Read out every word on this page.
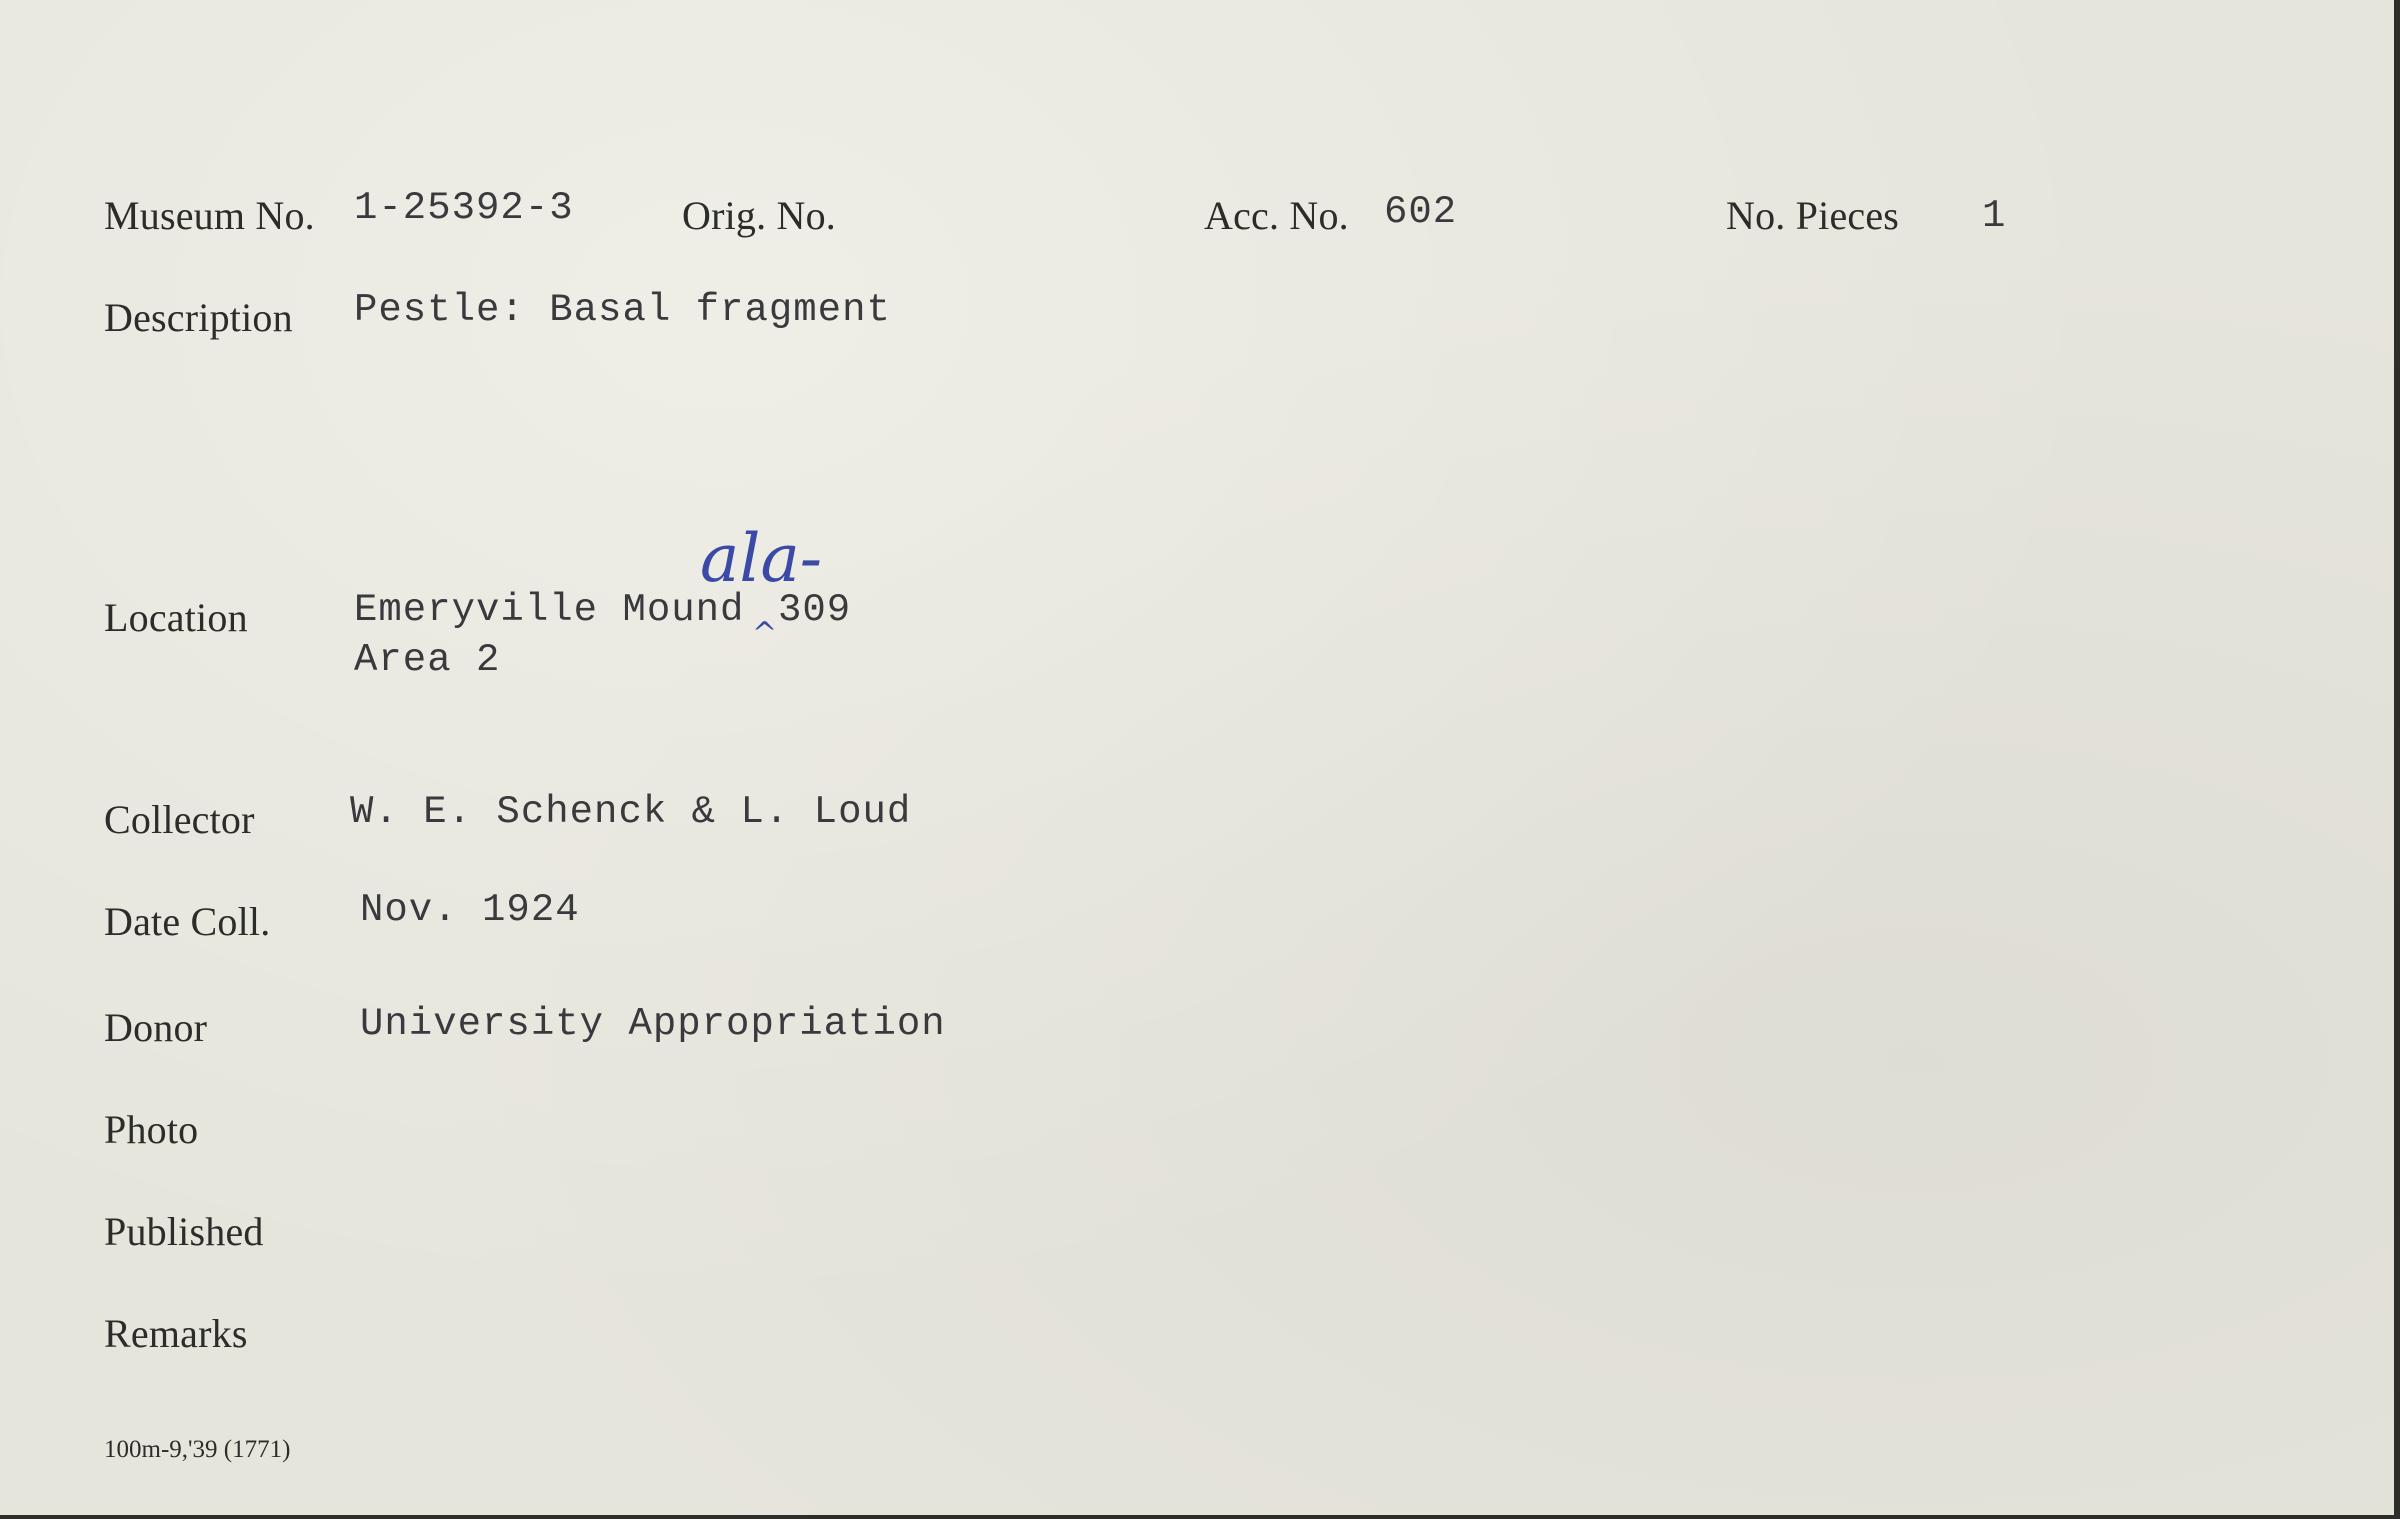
Museum No. 1-25392-3	Orig. No.	Acc. No. 602	No. Pieces 1
Description Pestle: Basal fragment
Location	Emeryville Mound 309
Area 2
ala-
^
Collector W. E. Schenck & L. Loud
Date Coll. Nov. 1924
Donor	University Appropriation
Photo
Published
Remarks
100m-9,'39 (1771)
